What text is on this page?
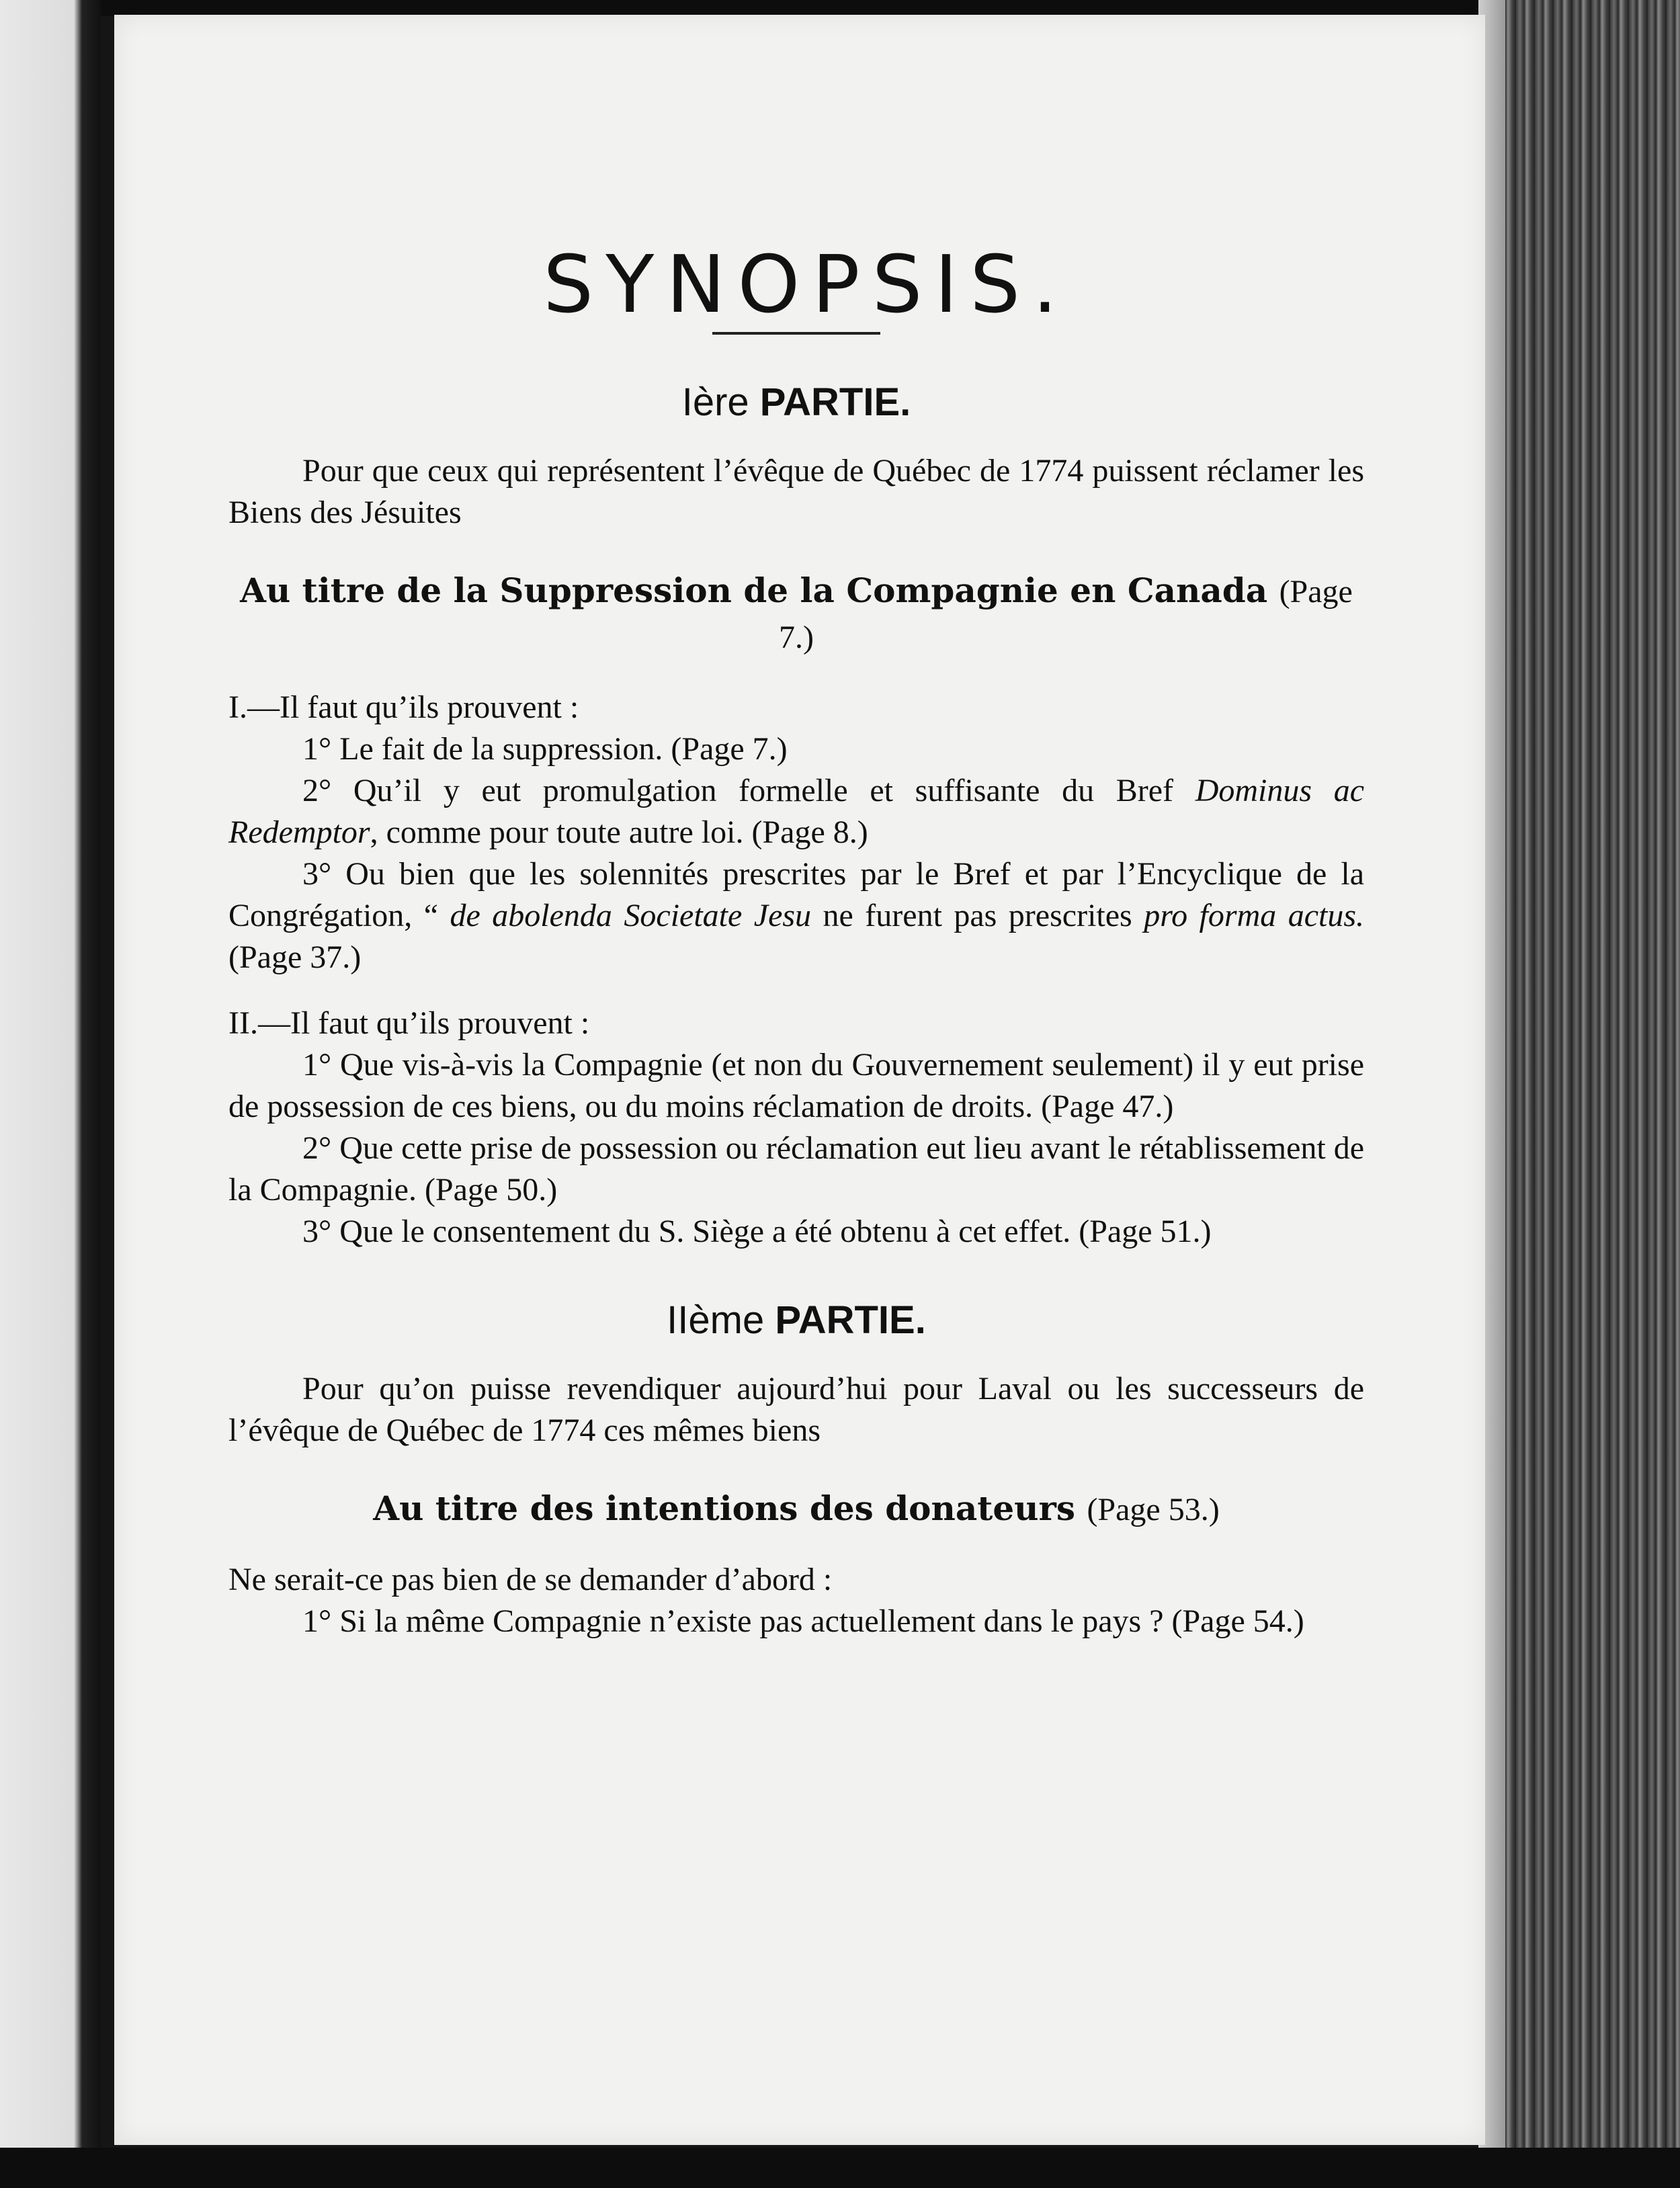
SYNOPSIS.
Ière PARTIE.

Pour que ceux qui représentent l’évêque de Québec de 1774 puissent réclamer les Biens des Jésuites

Au titre de la Suppression de la Compagnie en Canada (Page 7.)

I.—Il faut qu’ils prouvent :

1° Le fait de la suppression. (Page 7.)

2° Qu’il y eut promulgation formelle et suffisante du Bref Dominus ac Redemptor, comme pour toute autre loi. (Page 8.)

3° Ou bien que les solennités prescrites par le Bref et par l’Encyclique de la Congrégation, “ de abolenda Societate Jesu ne furent pas prescrites pro forma actus. (Page 37.)

II.—Il faut qu’ils prouvent :

1° Que vis-à-vis la Compagnie (et non du Gouvernement seulement) il y eut prise de possession de ces biens, ou du moins réclamation de droits. (Page 47.)

2° Que cette prise de possession ou réclamation eut lieu avant le rétablissement de la Compagnie. (Page 50.)

3° Que le consentement du S. Siège a été obtenu à cet effet. (Page 51.)

IIème PARTIE.

Pour qu’on puisse revendiquer aujourd’hui pour Laval ou les successeurs de l’évêque de Québec de 1774 ces mêmes biens

Au titre des intentions des donateurs (Page 53.)

Ne serait-ce pas bien de se demander d’abord :

1° Si la même Compagnie n’existe pas actuellement dans le pays ? (Page 54.)
